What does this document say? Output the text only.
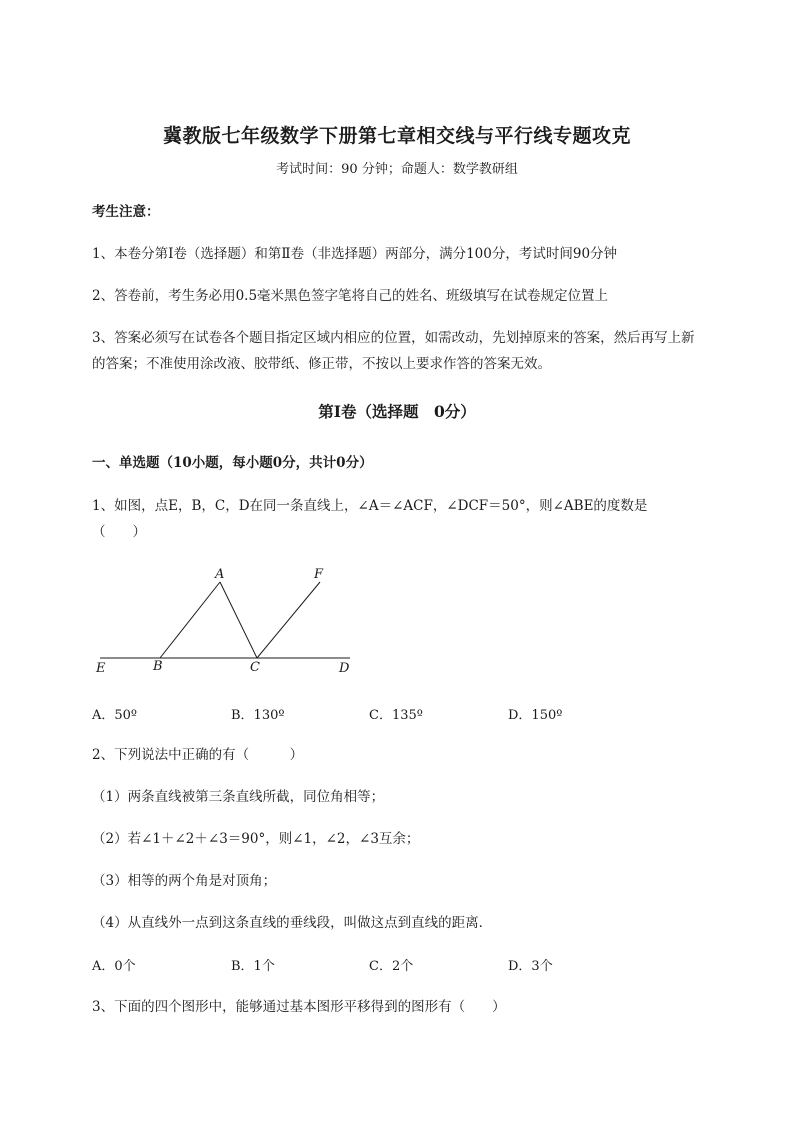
冀教版七年级数学下册第七章相交线与平行线专题攻克
考试时间：90 分钟；命题人：数学教研组
考生注意：
1、本卷分第Ⅰ卷（选择题）和第Ⅱ卷（非选择题）两部分，满分100分，考试时间90分钟
2、答卷前，考生务必用0.5毫米黑色签字笔将自己的姓名、班级填写在试卷规定位置上
3、答案必须写在试卷各个题目指定区域内相应的位置，如需改动，先划掉原来的答案，然后再写上新
的答案；不准使用涂改液、胶带纸、修正带，不按以上要求作答的答案无效。
第Ⅰ卷（选择题　0分）
一、单选题（10小题，每小题0分，共计0分）
1、如图，点E，B，C，D在同一条直线上，∠A＝∠ACF，∠DCF＝50°，则∠ABE的度数是
（　　）
A	F
E	B	C	D
A．50º	B．130º	C．135º	D．150º
2、下列说法中正确的有（　　　）
（1）两条直线被第三条直线所截，同位角相等；
（2）若∠1＋∠2＋∠3＝90°，则∠1，∠2，∠3互余；
（3）相等的两个角是对顶角；
（4）从直线外一点到这条直线的垂线段，叫做这点到直线的距离．
A．0个	B．1个	C．2个	D．3个
3、下面的四个图形中，能够通过基本图形平移得到的图形有（　　）
